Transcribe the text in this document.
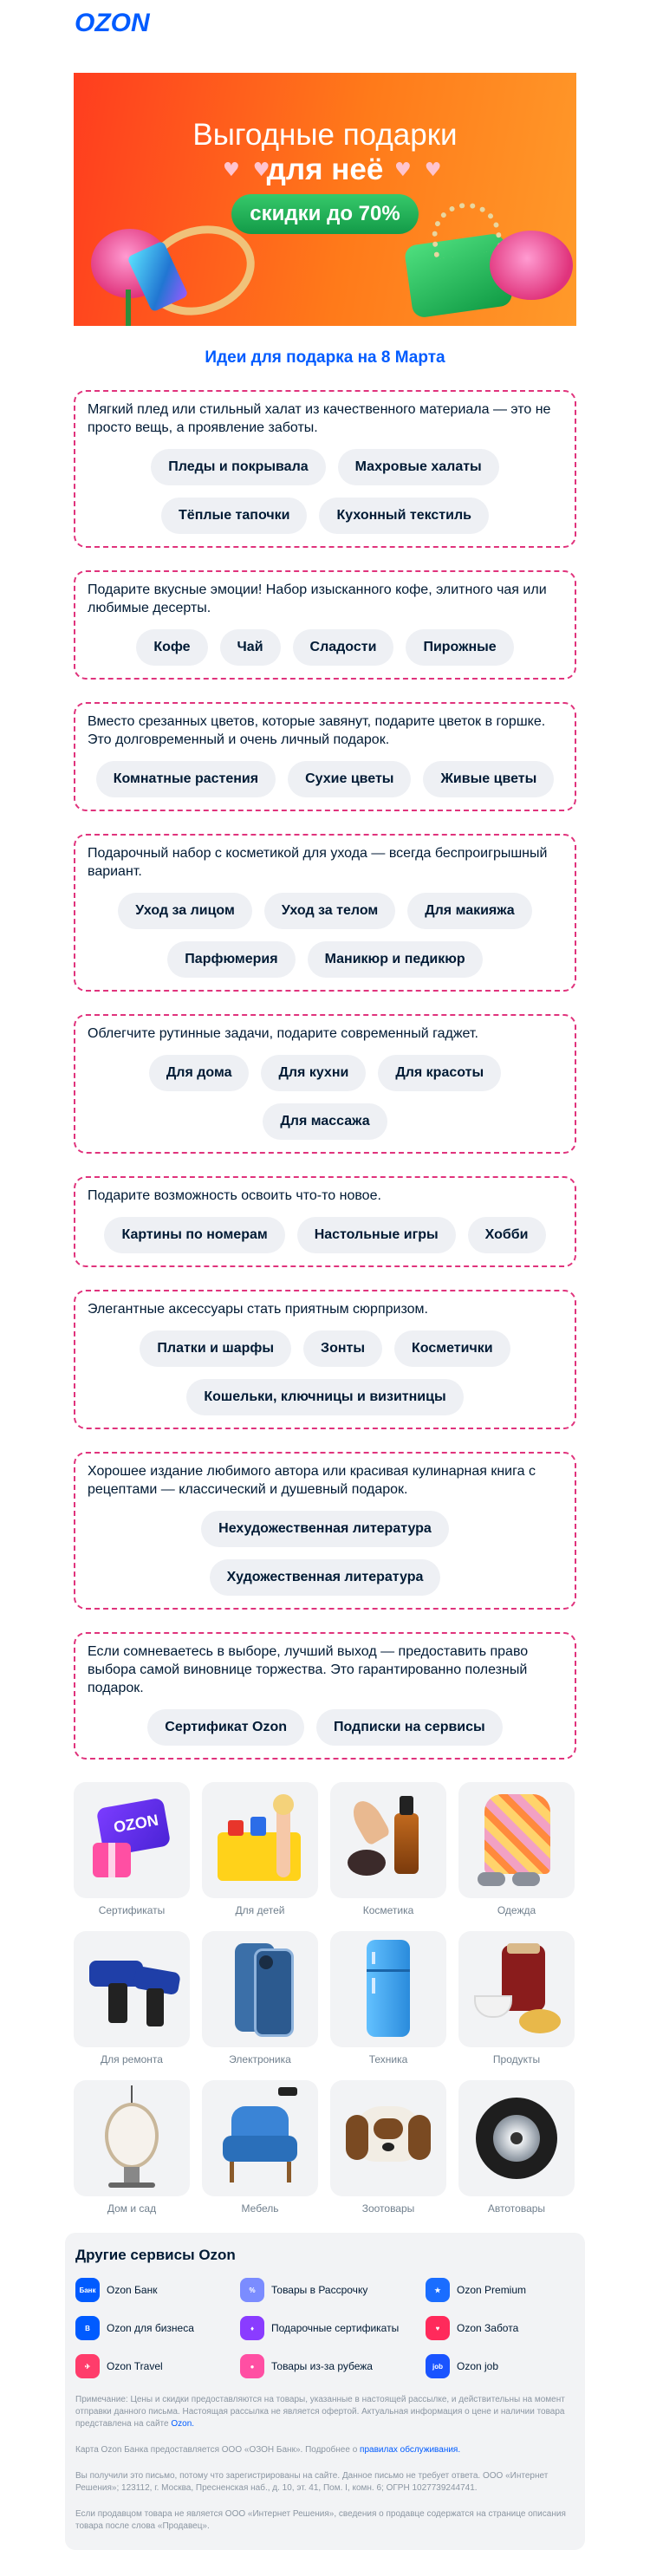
OZON
Выгодные подарки
♥ ♥
для неё ♥ ♥
скидки до 70%
Идеи для подарка на 8 Марта
Мягкий плед или стильный халат из качественного материала — это не просто вещь, а проявление заботы.
Пледы и покрывала	Махровые халаты
Тёплые тапочки	Кухонный текстиль
Подарите вкусные эмоции! Набор изысканного кофе, элитного чая или любимые десерты.
Кофе	Чай	Сладости	Пирожные
Вместо срезанных цветов, которые завянут, подарите цветок в горшке. Это долговременный и очень личный подарок.
Комнатные растения	Сухие цветы	Живые цветы
Подарочный набор с косметикой для ухода — всегда беспроигрышный вариант.
Уход за лицом	Уход за телом	Для макияжа
Парфюмерия	Маникюр и педикюр
Облегчите рутинные задачи, подарите современный гаджет.
Для дома	Для кухни	Для красоты
Для массажа
Подарите возможность освоить что-то новое.
Картины по номерам	Настольные игры	Хобби
Элегантные аксессуары стать приятным сюрпризом.
Платки и шарфы	Зонты	Косметички
Кошельки, ключницы и визитницы
Хорошее издание любимого автора или красивая кулинарная книга с рецептами — классический и душевный подарок.
Нехудожественная литература
Художественная литература
Если сомневаетесь в выборе, лучший выход — предоставить право выбора самой виновнице торжества. Это гарантированно полезный подарок.
Сертификат Ozon	Подписки на сервисы
OZON
Сертификаты	Для детей	Косметика	Одежда
Для ремонта	Электроника	Техника	Продукты
Дом и сад	Мебель	Зоотовары	Автотовары
Другие сервисы Ozon
Банк	Ozon Банк	%	Товары в Рассрочку	★	Ozon Premium
B	Ozon для бизнеса	♦	Подарочные сертификаты	♥	Ozon Забота
✈	Ozon Travel	●	Товары из-за рубежа	job	Ozon job
Примечание: Цены и скидки предоставляются на товары, указанные в настоящей рассылке, и действительны на момент отправки данного письма. Настоящая рассылка не является офертой. Актуальная информация о цене и наличии товара представлена на сайте Ozon.
Карта Ozon Банка предоставляется ООО «ОЗОН Банк». Подробнее о правилах обслуживания.
Вы получили это письмо, потому что зарегистрированы на сайте. Данное письмо не требует ответа. ООО «Интернет Решения»; 123112, г. Москва, Пресненская наб., д. 10, эт. 41, Пом. I, комн. 6; ОГРН 1027739244741.
Если продавцом товара не является ООО «Интернет Решения», сведения о продавце содержатся на странице описания товара после слова «Продавец».
